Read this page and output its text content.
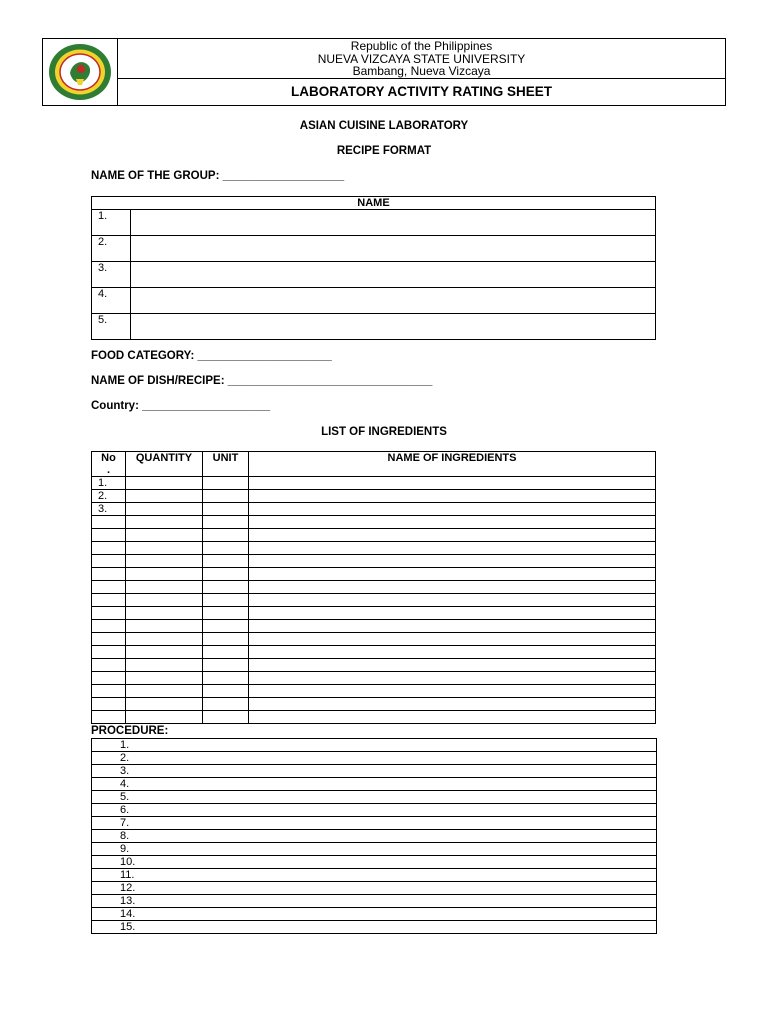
Republic of the Philippines
NUEVA VIZCAYA STATE UNIVERSITY
Bambang, Nueva Vizcaya
LABORATORY ACTIVITY RATING SHEET
ASIAN CUISINE LABORATORY
RECIPE FORMAT
NAME OF THE GROUP: ___________________
NAME	
1.	
2.	
3.	
4.	
5.	
FOOD CATEGORY: _____________________
NAME OF DISH/RECIPE: ________________________________
Country: ____________________
LIST OF INGREDIENTS
No
.	QUANTITY	UNIT	NAME OF INGREDIENTS
1.			
2.			
3.			

PROCEDURE:
1.
2.
3.
4.
5.
6.
7.
8.
9.
10.
11.
12.
13.
14.
15.
